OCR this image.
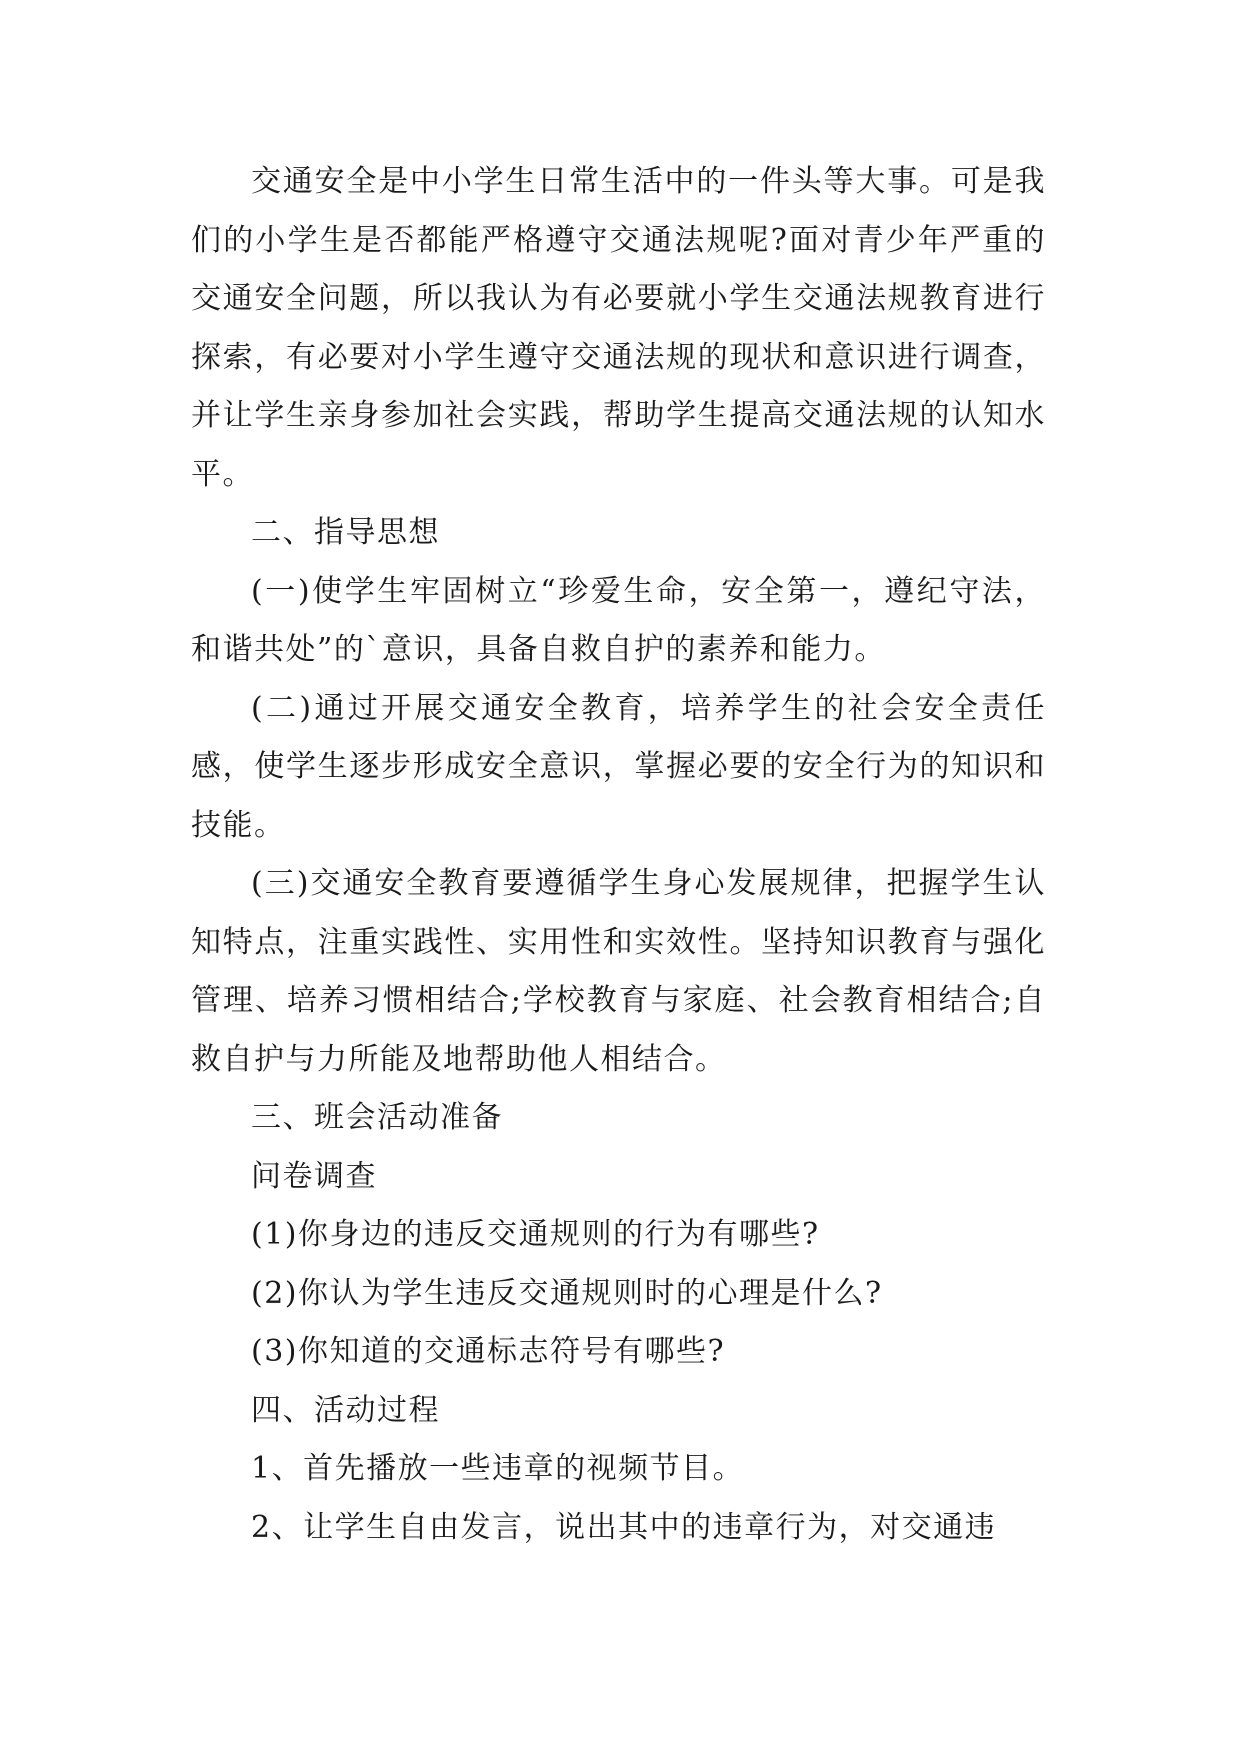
交通安全是中小学生日常生活中的一件头等大事。可是我们的小学生是否都能严格遵守交通法规呢?面对青少年严重的交通安全问题，所以我认为有必要就小学生交通法规教育进行探索，有必要对小学生遵守交通法规的现状和意识进行调查，并让学生亲身参加社会实践，帮助学生提高交通法规的认知水平。

二、指导思想

(一)使学生牢固树立“珍爱生命，安全第一，遵纪守法，和谐共处”的`意识，具备自救自护的素养和能力。

(二)通过开展交通安全教育，培养学生的社会安全责任感，使学生逐步形成安全意识，掌握必要的安全行为的知识和技能。

(三)交通安全教育要遵循学生身心发展规律，把握学生认知特点，注重实践性、实用性和实效性。坚持知识教育与强化管理、培养习惯相结合;学校教育与家庭、社会教育相结合;自救自护与力所能及地帮助他人相结合。

三、班会活动准备

问卷调查

(1)你身边的违反交通规则的行为有哪些?

(2)你认为学生违反交通规则时的心理是什么?

(3)你知道的交通标志符号有哪些?

四、活动过程

1、首先播放一些违章的视频节目。

2、让学生自由发言，说出其中的违章行为，对交通违
